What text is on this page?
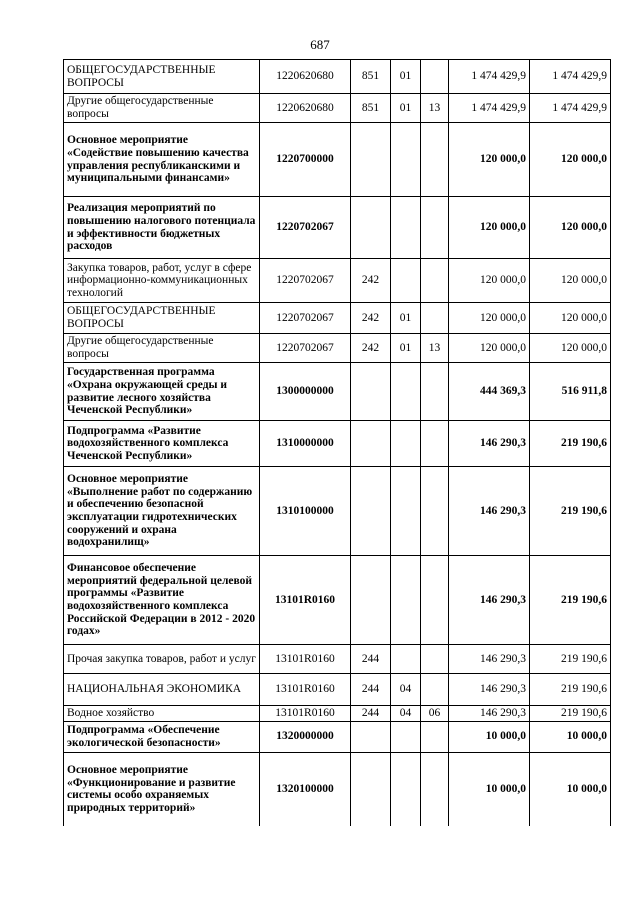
687
ОБЩЕГОСУДАРСТВЕННЫЕ ВОПРОСЫ	1220620680	851	01		1 474 429,9	1 474 429,9
Другие общегосударственные вопросы	1220620680	851	01	13	1 474 429,9	1 474 429,9
Основное мероприятие «Содействие повышению качества управления республиканскими и муниципальными финансами»	1220700000				120 000,0	120 000,0
Реализация мероприятий по повышению налогового потенциала и эффективности бюджетных расходов	1220702067				120 000,0	120 000,0
Закупка товаров, работ, услуг в сфере информационно-коммуникационных технологий	1220702067	242			120 000,0	120 000,0
ОБЩЕГОСУДАРСТВЕННЫЕ ВОПРОСЫ	1220702067	242	01		120 000,0	120 000,0
Другие общегосударственные вопросы	1220702067	242	01	13	120 000,0	120 000,0
Государственная программа «Охрана окружающей среды и развитие лесного хозяйства Чеченской Республики»	1300000000				444 369,3	516 911,8
Подпрограмма «Развитие водохозяйственного комплекса Чеченской Республики»	1310000000				146 290,3	219 190,6
Основное мероприятие «Выполнение работ по содержанию и обеспечению безопасной эксплуатации гидротехнических сооружений и охрана водохранилищ»	1310100000				146 290,3	219 190,6
Финансовое обеспечение мероприятий федеральной целевой программы «Развитие водохозяйственного комплекса Российской Федерации в 2012 - 2020 годах»	13101R0160				146 290,3	219 190,6
Прочая закупка товаров, работ и услуг	13101R0160	244			146 290,3	219 190,6
НАЦИОНАЛЬНАЯ ЭКОНОМИКА	13101R0160	244	04		146 290,3	219 190,6
Водное хозяйство	13101R0160	244	04	06	146 290,3	219 190,6
Подпрограмма «Обеспечение экологической безопасности»	1320000000				10 000,0	10 000,0
Основное мероприятие «Функционирование и развитие системы особо охраняемых природных территорий»	1320100000				10 000,0	10 000,0
